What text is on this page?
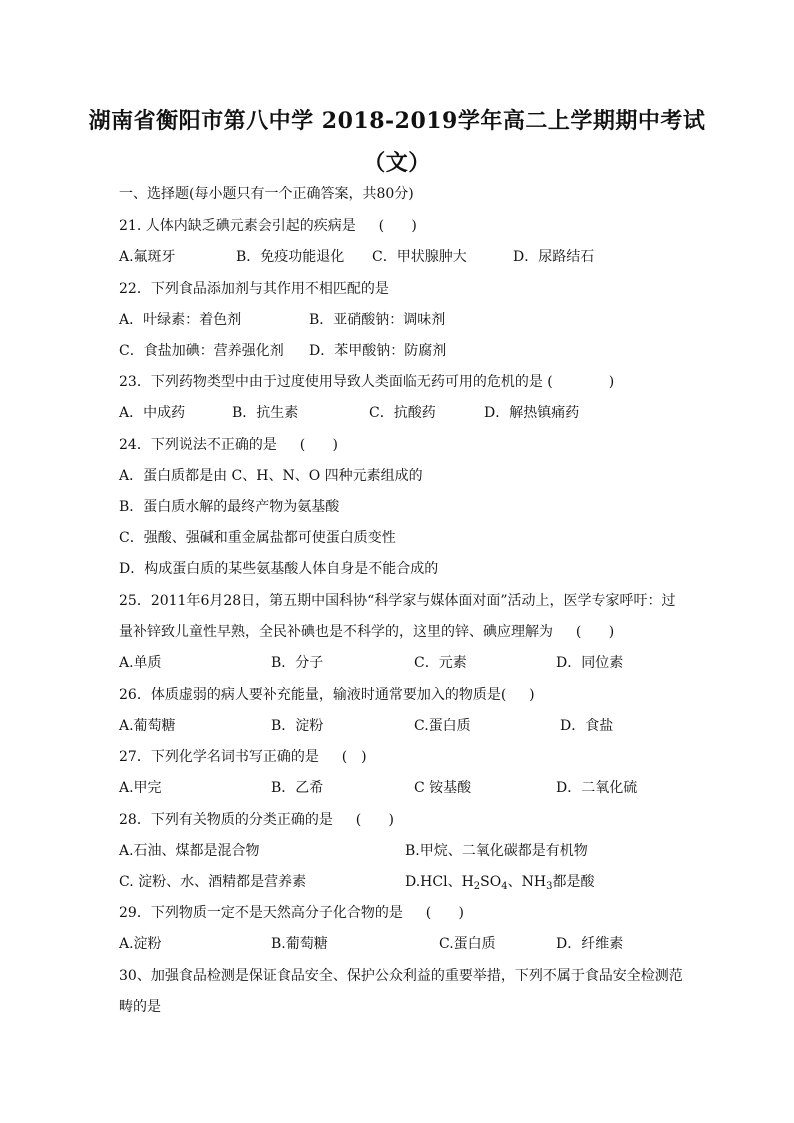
湖南省衡阳市第八中学 2018-2019学年高二上学期期中考试
（文）
一、选择题(每小题只有一个正确答案，共80分)
21. 人体内缺乏碘元素会引起的疾病是　  (　   )
A.氟斑牙	B．免疫功能退化 C．甲状腺肿大	D．尿路结石
22．下列食品添加剂与其作用不相匹配的是
A．叶绿素：着色剂	B．亚硝酸钠：调味剂
C．食盐加碘：营养强化剂 D．苯甲酸钠：防腐剂
23．下列药物类型中由于过度使用导致人类面临无药可用的危机的是 (　　　　)
A．中成药	B．抗生素	C．抗酸药	D．解热镇痛药
24．下列说法不正确的是　  (　   )
A．蛋白质都是由 C、H、N、O 四种元素组成的
B．蛋白质水解的最终产物为氨基酸
C．强酸、强碱和重金属盐都可使蛋白质变性
D．构成蛋白质的某些氨基酸人体自身是不能合成的
25．2011年6月28日，第五期中国科协“科学家与媒体面对面”活动上，医学专家呼吁：过
量补锌致儿童性早熟，全民补碘也是不科学的，这里的锌、碘应理解为　  (　   )
A.单质	B．分子	C．元素	D．同位素
26．体质虚弱的病人要补充能量，输液时通常要加入的物质是(　  )
A.葡萄糖	B．淀粉	C.蛋白质	D．食盐
27．下列化学名词书写正确的是　  (　)
A.甲完	B．乙希	C 铵基酸	D．二氧化硫
28．下列有关物质的分类正确的是　  (　   )
A.石油、煤都是混合物	B.甲烷、二氧化碳都是有机物
C. 淀粉、水、酒精都是营养素	D.HCl、$H_2SO_4$、$NH_3$都是酸
29．下列物质一定不是天然高分子化合物的是　  (　   )
A.淀粉	B.葡萄糖	C.蛋白质	D．纤维素
30、加强食品检测是保证食品安全、保护公众利益的重要举措，下列不属于食品安全检测范
畴的是
